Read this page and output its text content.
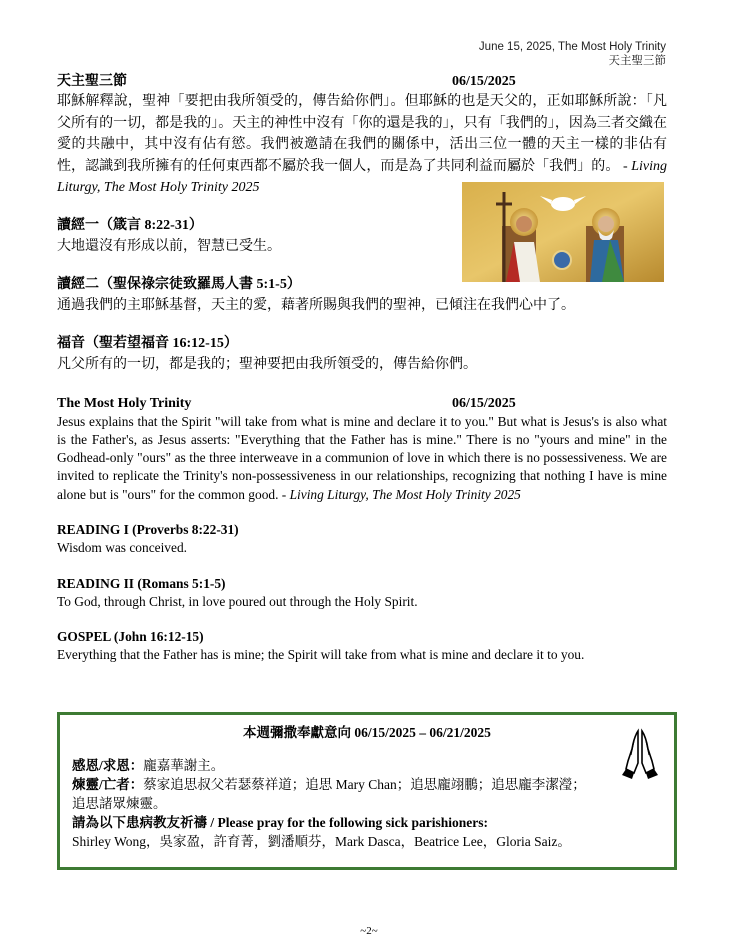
June 15, 2025, The Most Holy Trinity
天主聖三節
天主聖三節	06/15/2025

耶穌解釋說，聖神「要把由我所領受的，傳告給你們」。但耶穌的也是天父的，正如耶穌所說：「凡父所有的一切，都是我的」。天主的神性中沒有「你的還是我的」，只有「我們的」，因為三者交織在愛的共融中，其中沒有佔有慾。我們被邀請在我們的關係中，活出三位一體的天主一樣的非佔有性，認識到我所擁有的任何東西都不屬於我一個人，而是為了共同利益而屬於「我們」的。 - Living Liturgy, The Most Holy Trinity 2025

讀經一（箴言 8:22-31）

大地還沒有形成以前，智慧已受生。

讀經二（聖保祿宗徒致羅馬人書 5:1-5）

通過我們的主耶穌基督，天主的愛，藉著所賜與我們的聖神，已傾注在我們心中了。

福音（聖若望福音 16:12-15）

凡父所有的一切，都是我的；聖神要把由我所領受的，傳告給你們。

The Most Holy Trinity	06/15/2025

Jesus explains that the Spirit "will take from what is mine and declare it to you." But what is Jesus's is also what is the Father's, as Jesus asserts: "Everything that the Father has is mine." There is no "yours and mine" in the Godhead-only "ours" as the three interweave in a communion of love in which there is no possessiveness. We are invited to replicate the Trinity's non-possessiveness in our relationships, recognizing that nothing I have is mine alone but is "ours" for the common good. - Living Liturgy, The Most Holy Trinity 2025

READING I (Proverbs 8:22-31)

Wisdom was conceived.

READING II (Romans 5:1-5)

To God, through Christ, in love poured out through the Holy Spirit.

GOSPEL (John 16:12-15)

Everything that the Father has is mine; the Spirit will take from what is mine and declare it to you.

本週彌撒奉獻意向 06/15/2025 – 06/21/2025
感恩/求恩：龐嘉華謝主。
煉靈/亡者：蔡家追思叔父若瑟蔡祥道；追思 Mary Chan；追思龐翊鵬；追思龐李潔瀅；
追思諸眾煉靈。
請為以下患病教友祈禱 / Please pray for the following sick parishioners:
Shirley Wong，吳家盈，許育菁，劉潘順芬，Mark Dasca，Beatrice Lee，Gloria Saiz。
~2~
